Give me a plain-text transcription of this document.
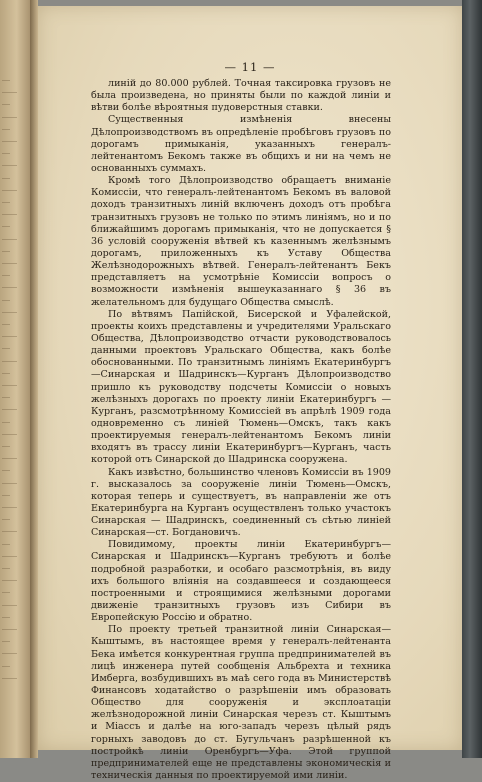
— 11 —

линій до 80.000 рублей. Точная таксировка грузовъ не была произведена, но приняты были по каждой линіи и вѣтви болѣе вѣроятныя пудоверстныя ставки.

Существенныя измѣненія внесены Дѣлопроизводствомъ въ опредѣленіе пробѣговъ грузовъ по дорогамъ примыканія, указанныхъ генералъ-лейтенантомъ Бекомъ также въ общихъ и ни на чемъ не основанныхъ суммахъ.

Кромѣ того Дѣлопроизводство обращаетъ вниманіе Комиссіи, что генералъ-лейтенантомъ Бекомъ въ валовой доходъ транзитныхъ линій включенъ доходъ отъ пробѣга транзитныхъ грузовъ не только по этимъ линіямъ, но и по ближайшимъ дорогамъ примыканія, что не допускается § 36 условій сооруженія вѣтвей къ казеннымъ желѣзнымъ дорогамъ, приложенныхъ къ Уставу Общества Желѣзнодорожныхъ вѣтвей. Генералъ-лейтенантъ Бекъ представляетъ на усмотрѣніе Комиссіи вопросъ о возможности измѣненія вышеуказаннаго § 36 въ желательномъ для будущаго Общества смыслѣ.

По вѣтвямъ Папійской, Бисерской и Уфалейской, проекты коихъ представлены и учредителями Уральскаго Общества, Дѣлопроизводство отчасти руководствовалось данными проектовъ Уральскаго Общества, какъ болѣе обоснованными. По транзитнымъ линіямъ Екатеринбургъ—Синарская и Шадринскъ—Курганъ Дѣлопроизводство пришло къ руководству подсчеты Комиссіи о новыхъ желѣзныхъ дорогахъ по проекту линіи Екатеринбургъ — Курганъ, разсмотрѣнному Комиссіей въ апрѣлѣ 1909 года одновременно съ линіей Тюмень—Омскъ, такъ какъ проектируемыя генералъ-лейтенантомъ Бекомъ линіи входятъ въ трассу линіи Екатеринбургъ—Курганъ, часть которой отъ Синарской до Шадринска сооружена.

Какъ извѣстно, большинство членовъ Комиссіи въ 1909 г. высказалось за сооруженіе линіи Тюмень—Омскъ, которая теперь и существуетъ, въ направленіи же отъ Екатеринбурга на Курганъ осуществленъ только участокъ Синарская — Шадринскъ, соединенный съ сѣтью линіей Синарская—ст. Богдановичъ.

Повидимому, проекты линіи Екатеринбургъ—Синарская и Шадринскъ—Курганъ требуютъ и болѣе подробной разработки, и особаго разсмотрѣнія, въ виду ихъ большого вліянія на создавшееся и создающееся построенными и строящимися желѣзными дорогами движеніе транзитныхъ грузовъ изъ Сибири въ Европейскую Россію и обратно.

По проекту третьей транзитной линіи Синарская—Кыштымъ, въ настоящее время у генералъ-лейтенанта Бека имѣется конкурентная группа предпринимателей въ лицѣ инженера путей сообщенія Альбрехта и техника Имберга, возбудившихъ въ маѣ сего года въ Министерствѣ Финансовъ ходатайство о разрѣшеніи имъ образовать Общество для сооруженія и эксплоатаціи желѣзнодорожной линіи Синарская черезъ ст. Кыштымъ и Міассъ и далѣе на юго-западъ черезъ цѣлый рядъ горныхъ заводовъ до ст. Бугульчанъ разрѣшенной къ постройкѣ линіи Оренбургъ—Уфа. Этой группой предпринимателей еще не представлены экономическія и техническія данныя по проектируемой ими линіи.
